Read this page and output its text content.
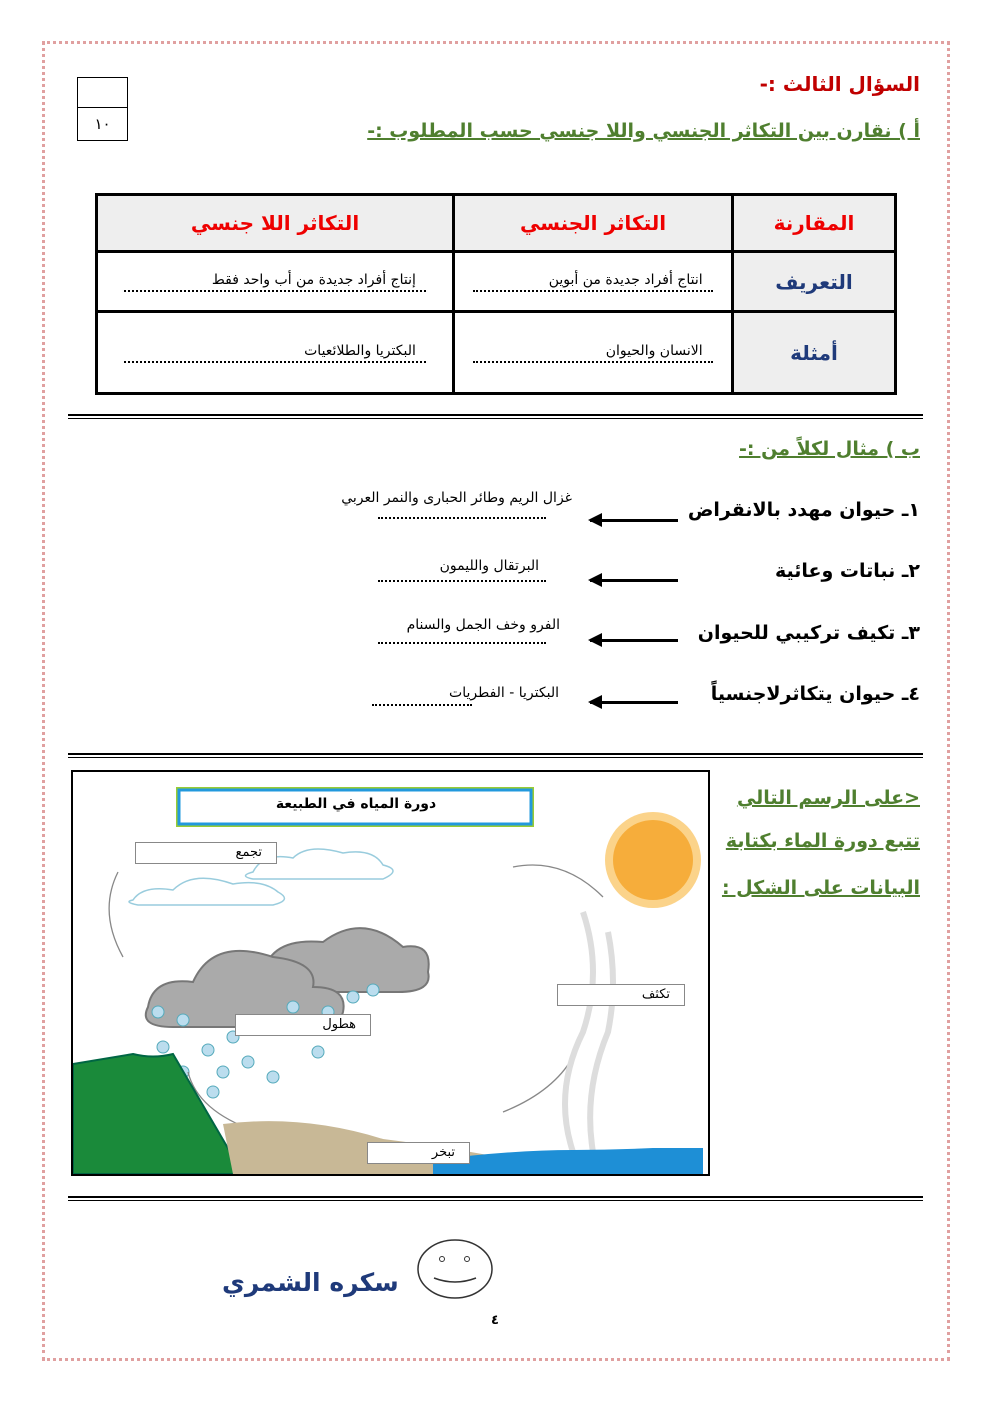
١٠
السؤال الثالث :-
أ ) نقارن بين التكاثر الجنسي واللا جنسي حسب المطلوب :-
المقارنة	التكاثر الجنسي	التكاثر اللا جنسي
التعريف	انتاج أفراد جديدة من أبوين	إنتاج أفراد جديدة من أب واحد فقط
أمثلة	الانسان والحيوان	البكتريا والطلائعيات
ب ) مثال لكلاً من :-
١ـ حيوان مهدد بالانقراض
غزال الريم وطائر الحبارى والنمر العربي
٢ـ نباتات وعائية
البرتقال والليمون
٣ـ تكيف تركيبي للحيوان
الفرو وخف الجمل والسنام
٤ـ حيوان يتكاثرلاجنسياً
البكتريا - الفطريات
دورة المياه في الطبيعة
تجمع
تكثف
هطول
تبخر
<على الرسم التالي
تتبع دورة الماء بكتابة
البيانات على الشكل :
سكره الشمري
٤
